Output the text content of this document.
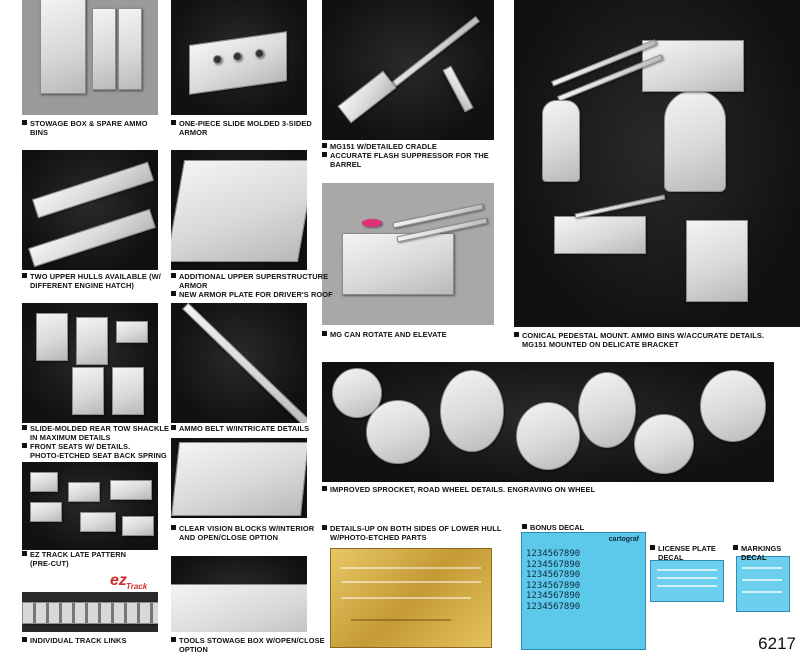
cartograf
1234567890
1234567890
1234567890
1234567890
1234567890
1234567890
ez Track
STOWAGE BOX & SPARE AMMO
BINS
ONE-PIECE SLIDE MOLDED 3-SIDED
ARMOR
MG151 W/DETAILED CRADLE
ACCURATE FLASH SUPPRESSOR FOR THE
BARREL
TWO UPPER HULLS AVAILABLE (W/
DIFFERENT ENGINE HATCH)
ADDITIONAL UPPER SUPERSTRUCTURE
ARMOR
NEW ARMOR PLATE FOR DRIVER'S ROOF
MG CAN ROTATE AND ELEVATE	CONICAL PEDESTAL MOUNT. AMMO BINS W/ACCURATE DETAILS.
MG151 MOUNTED ON DELICATE BRACKET
SLIDE-MOLDED REAR TOW SHACKLE
IN MAXIMUM DETAILS
FRONT SEATS W/ DETAILS.
PHOTO-ETCHED SEAT BACK SPRING
AMMO BELT W/INTRICATE DETAILS
IMPROVED SPROCKET, ROAD WHEEL DETAILS. ENGRAVING ON WHEEL
EZ TRACK LATE PATTERN
(PRE-CUT)
CLEAR VISION BLOCKS W/INTERIOR
AND OPEN/CLOSE OPTION
DETAILS-UP ON BOTH SIDES OF LOWER HULL
W/PHOTO-ETCHED PARTS
INDIVIDUAL TRACK LINKS	TOOLS STOWAGE BOX W/OPEN/CLOSE
OPTION
BONUS DECAL
LICENSE PLATE
DECAL
MARKINGS
DECAL
6217
